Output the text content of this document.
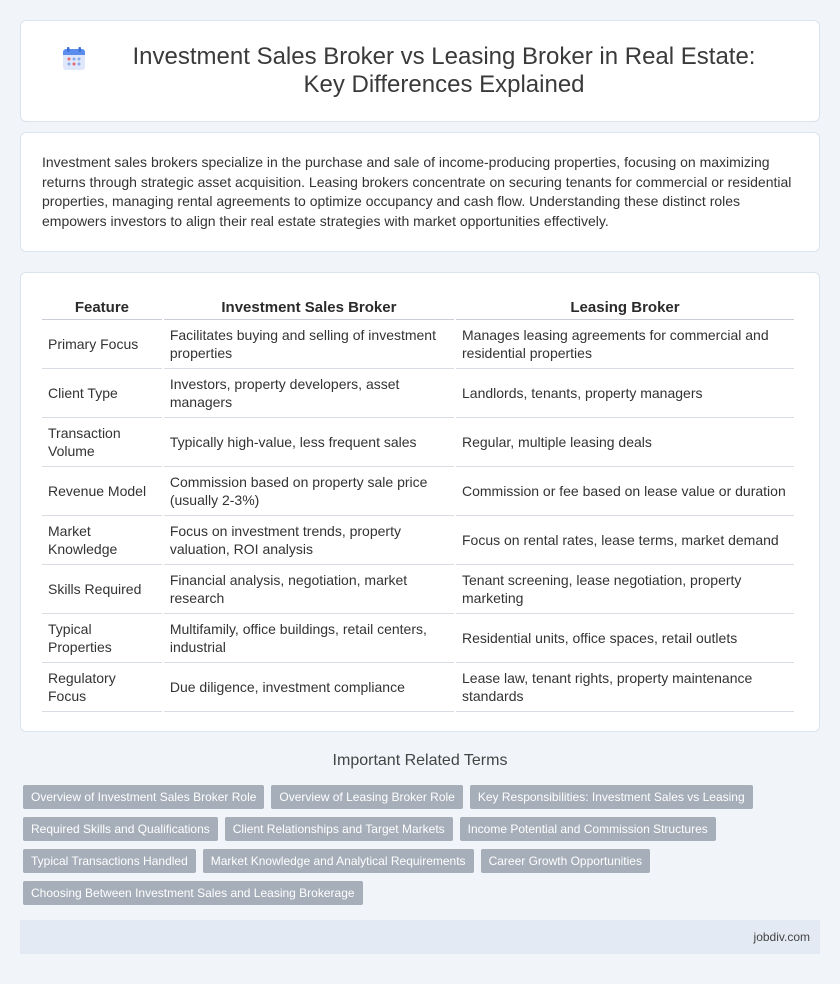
Investment Sales Broker vs Leasing Broker in Real Estate: Key Differences Explained

Investment sales brokers specialize in the purchase and sale of income-producing properties, focusing on maximizing returns through strategic asset acquisition. Leasing brokers concentrate on securing tenants for commercial or residential properties, managing rental agreements to optimize occupancy and cash flow. Understanding these distinct roles empowers investors to align their real estate strategies with market opportunities effectively.

Feature	Investment Sales Broker	Leasing Broker
Primary Focus	Facilitates buying and selling of investment properties	Manages leasing agreements for commercial and residential properties
Client Type	Investors, property developers, asset managers	Landlords, tenants, property managers
Transaction Volume	Typically high-value, less frequent sales	Regular, multiple leasing deals
Revenue Model	Commission based on property sale price (usually 2-3%)	Commission or fee based on lease value or duration
Market Knowledge	Focus on investment trends, property valuation, ROI analysis	Focus on rental rates, lease terms, market demand
Skills Required	Financial analysis, negotiation, market research	Tenant screening, lease negotiation, property marketing
Typical Properties	Multifamily, office buildings, retail centers, industrial	Residential units, office spaces, retail outlets
Regulatory Focus	Due diligence, investment compliance	Lease law, tenant rights, property maintenance standards
Important Related Terms
Overview of Investment Sales Broker Role	Overview of Leasing Broker Role	Key Responsibilities: Investment Sales vs Leasing
Required Skills and Qualifications	Client Relationships and Target Markets	Income Potential and Commission Structures
Typical Transactions Handled	Market Knowledge and Analytical Requirements	Career Growth Opportunities
Choosing Between Investment Sales and Leasing Brokerage
jobdiv.com
